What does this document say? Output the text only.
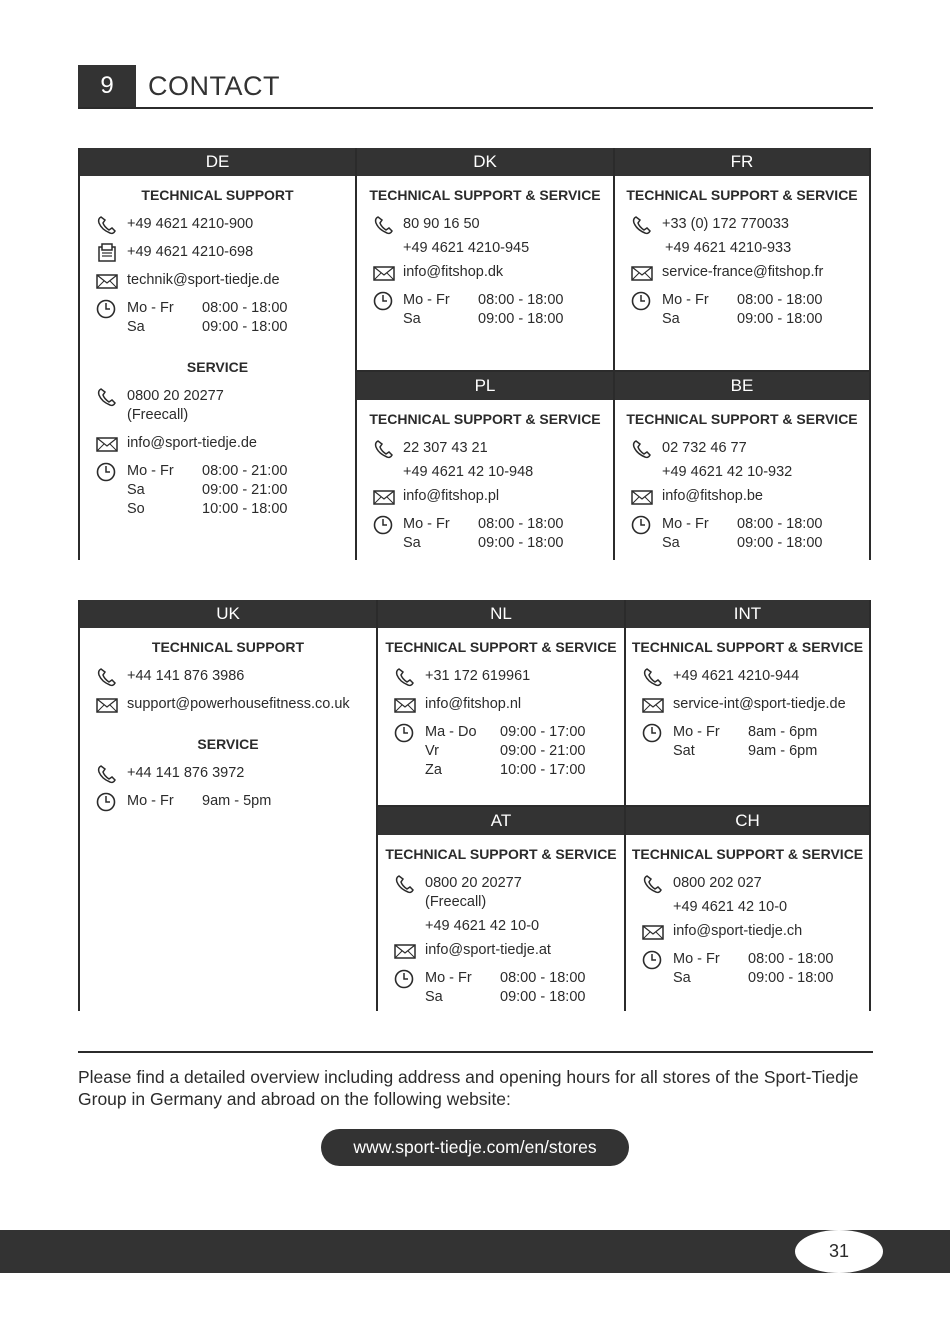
9	CONTACT
DE
TECHNICAL SUPPORT
+49 4621 4210-900
+49 4621 4210-698
technik@sport-tiedje.de
Mo - Fr	08:00 - 18:00
Sa	09:00 - 18:00
SERVICE
0800 20 20277
(Freecall)
info@sport-tiedje.de
Mo - Fr	08:00 - 21:00
Sa	09:00 - 21:00
So	10:00 - 18:00
DK
TECHNICAL SUPPORT & SERVICE
80 90 16 50
+49 4621 4210-945
info@fitshop.dk
Mo - Fr	08:00 - 18:00
Sa	09:00 - 18:00
FR
TECHNICAL SUPPORT & SERVICE
+33 (0) 172 770033
+49 4621 4210-933
service-france@fitshop.fr
Mo - Fr	08:00 - 18:00
Sa	09:00 - 18:00
PL
TECHNICAL SUPPORT & SERVICE
22 307 43 21
+49 4621 42 10-948
info@fitshop.pl
Mo - Fr	08:00 - 18:00
Sa	09:00 - 18:00
BE
TECHNICAL SUPPORT & SERVICE
02 732 46 77
+49 4621 42 10-932
info@fitshop.be
Mo - Fr	08:00 - 18:00
Sa	09:00 - 18:00
UK
TECHNICAL SUPPORT
+44 141 876 3986
support@powerhousefitness.co.uk
SERVICE
+44 141 876 3972
Mo - Fr	9am - 5pm
NL
TECHNICAL SUPPORT & SERVICE
+31 172 619961
info@fitshop.nl
Ma - Do	09:00 - 17:00
Vr	09:00 - 21:00
Za	10:00 - 17:00
INT
TECHNICAL SUPPORT & SERVICE
+49 4621 4210-944
service-int@sport-tiedje.de
Mo - Fr	8am - 6pm
Sat	9am - 6pm
AT
TECHNICAL SUPPORT & SERVICE
0800 20 20277
(Freecall)
+49 4621 42 10-0
info@sport-tiedje.at
Mo - Fr	08:00 - 18:00
Sa	09:00 - 18:00
CH
TECHNICAL SUPPORT & SERVICE
0800 202 027
+49 4621 42 10-0
info@sport-tiedje.ch
Mo - Fr	08:00 - 18:00
Sa	09:00 - 18:00
Please find a detailed overview including address and opening hours for all stores of the Sport-Tiedje Group in Germany and abroad on the following website:
www.sport-tiedje.com/en/stores
31
